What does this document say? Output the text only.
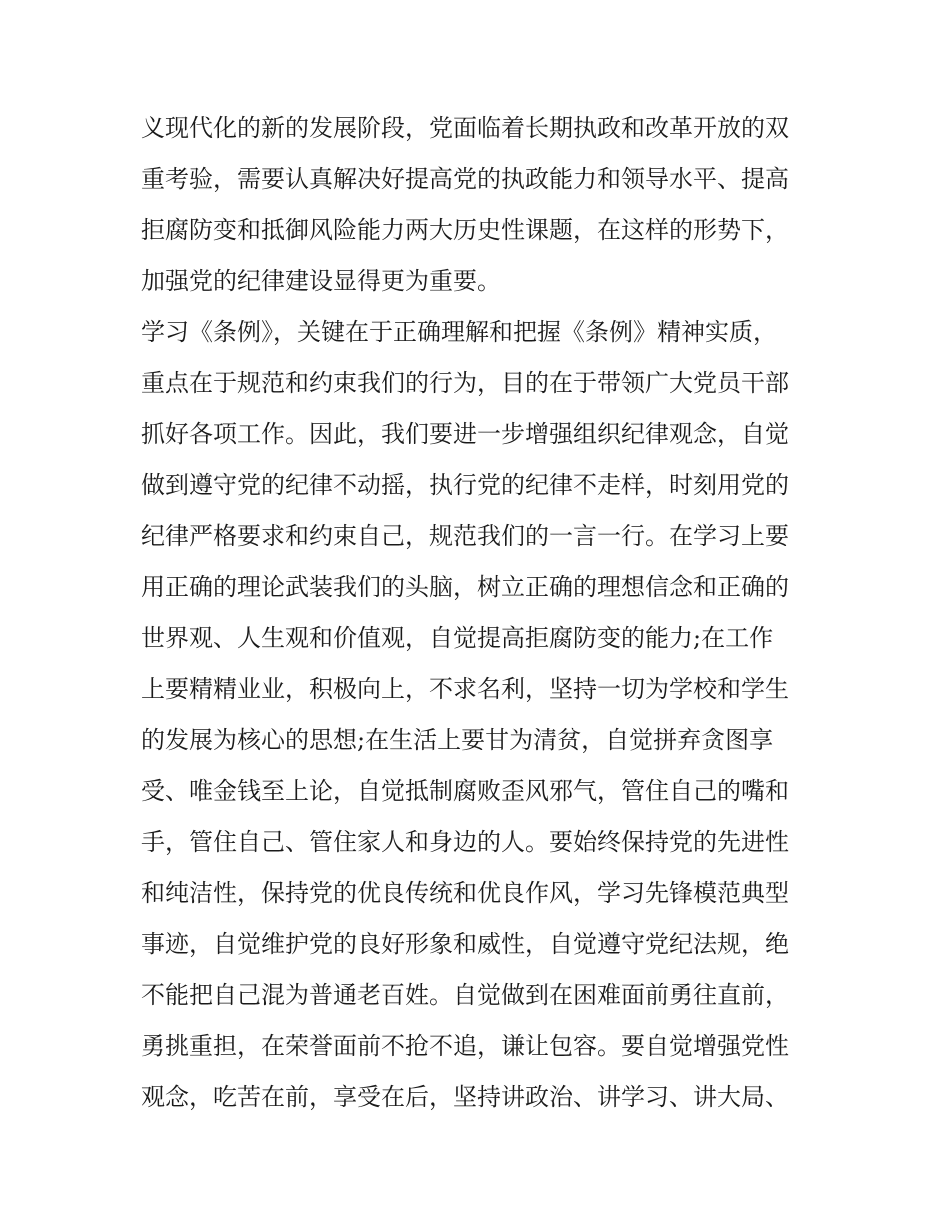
义现代化的新的发展阶段，党面临着长期执政和改革开放的双
重考验，需要认真解决好提高党的执政能力和领导水平、提高
拒腐防变和抵御风险能力两大历史性课题，在这样的形势下，
加强党的纪律建设显得更为重要。
学习《条例》，关键在于正确理解和把握《条例》精神实质，
重点在于规范和约束我们的行为，目的在于带领广大党员干部
抓好各项工作。因此，我们要进一步增强组织纪律观念，自觉
做到遵守党的纪律不动摇，执行党的纪律不走样，时刻用党的
纪律严格要求和约束自己，规范我们的一言一行。在学习上要
用正确的理论武装我们的头脑，树立正确的理想信念和正确的
世界观、人生观和价值观，自觉提高拒腐防变的能力;在工作
上要精精业业，积极向上，不求名利，坚持一切为学校和学生
的发展为核心的思想;在生活上要甘为清贫，自觉拼弃贪图享
受、唯金钱至上论，自觉抵制腐败歪风邪气，管住自己的嘴和
手，管住自己、管住家人和身边的人。要始终保持党的先进性
和纯洁性，保持党的优良传统和优良作风，学习先锋模范典型
事迹，自觉维护党的良好形象和威性，自觉遵守党纪法规，绝
不能把自己混为普通老百姓。自觉做到在困难面前勇往直前，
勇挑重担，在荣誉面前不抢不追，谦让包容。要自觉增强党性
观念，吃苦在前，享受在后，坚持讲政治、讲学习、讲大局、
